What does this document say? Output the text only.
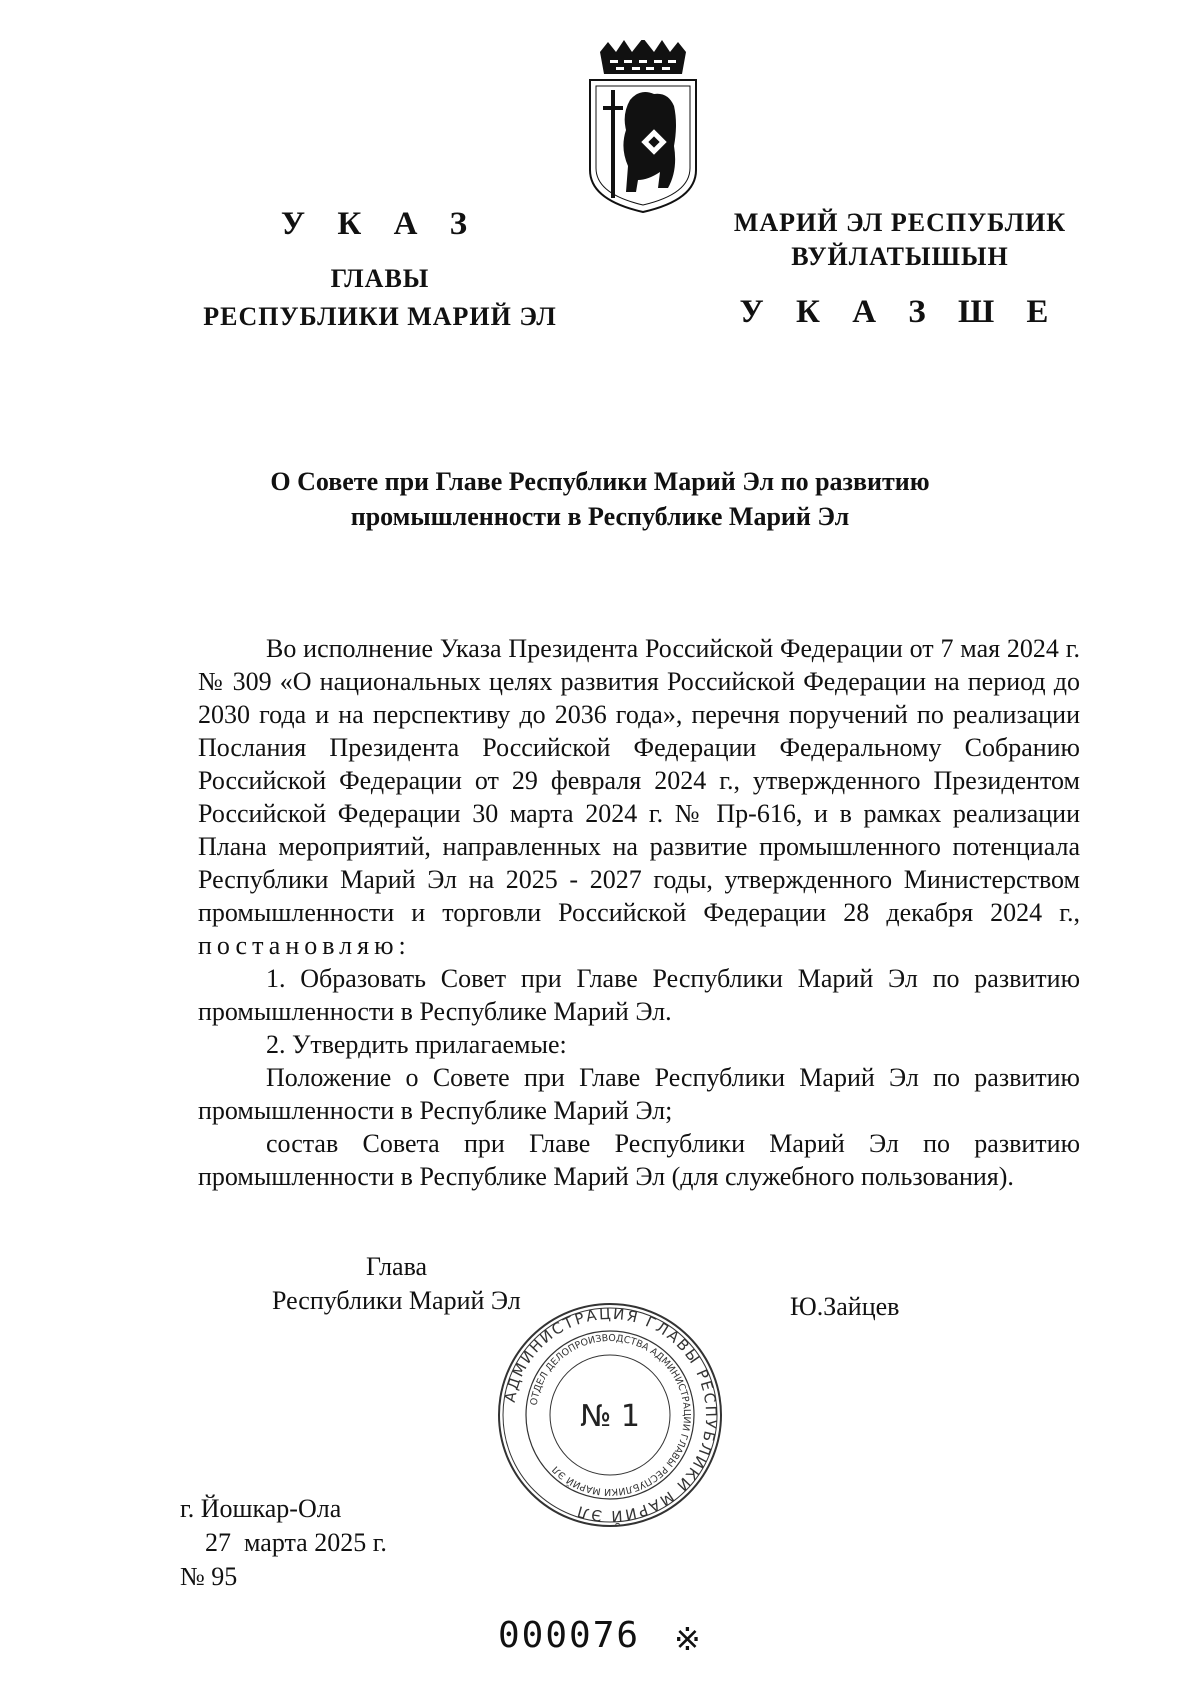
У К А З
ГЛАВЫ
РЕСПУБЛИКИ МАРИЙ ЭЛ
МАРИЙ ЭЛ РЕСПУБЛИК
ВУЙЛАТЫШЫН
У К А З Ш Е
О Совете при Главе Республики Марий Эл по развитию
промышленности в Республике Марий Эл

Во исполнение Указа Президента Российской Федерации от 7 мая 2024 г. № 309 «О национальных целях развития Российской Федерации на период до 2030 года и на перспективу до 2036 года», перечня поручений по реализации Послания Президента Российской Федерации Федеральному Собранию Российской Федерации от 29 февраля 2024 г., утвержденного Президентом Российской Федерации 30 марта 2024 г. № Пр-616, и в рамках реализации Плана мероприятий, направленных на развитие промышленного потенциала Республики Марий Эл на 2025 - 2027 годы, утвержденного Министерством промышленности и торговли Российской Федерации 28 декабря 2024 г., постановляю:

1. Образовать Совет при Главе Республики Марий Эл по развитию промышленности в Республике Марий Эл.

2. Утвердить прилагаемые:

Положение о Совете при Главе Республики Марий Эл по развитию промышленности в Республике Марий Эл;

состав Совета при Главе Республики Марий Эл по развитию промышленности в Республике Марий Эл (для служебного пользования).

АДМИНИСТРАЦИЯ ГЛАВЫ РЕСПУБЛИКИ МАРИЙ ЭЛ
ОТДЕЛ ДЕЛОПРОИЗВОДСТВА АДМИНИСТРАЦИИ ГЛАВЫ РЕСПУБЛИКИ МАРИЙ ЭЛ
№ 1
Глава
Республики Марий Эл	Ю.Зайцев
г. Йошкар-Ола
27  марта 2025 г.
№ 95
000076 ※
